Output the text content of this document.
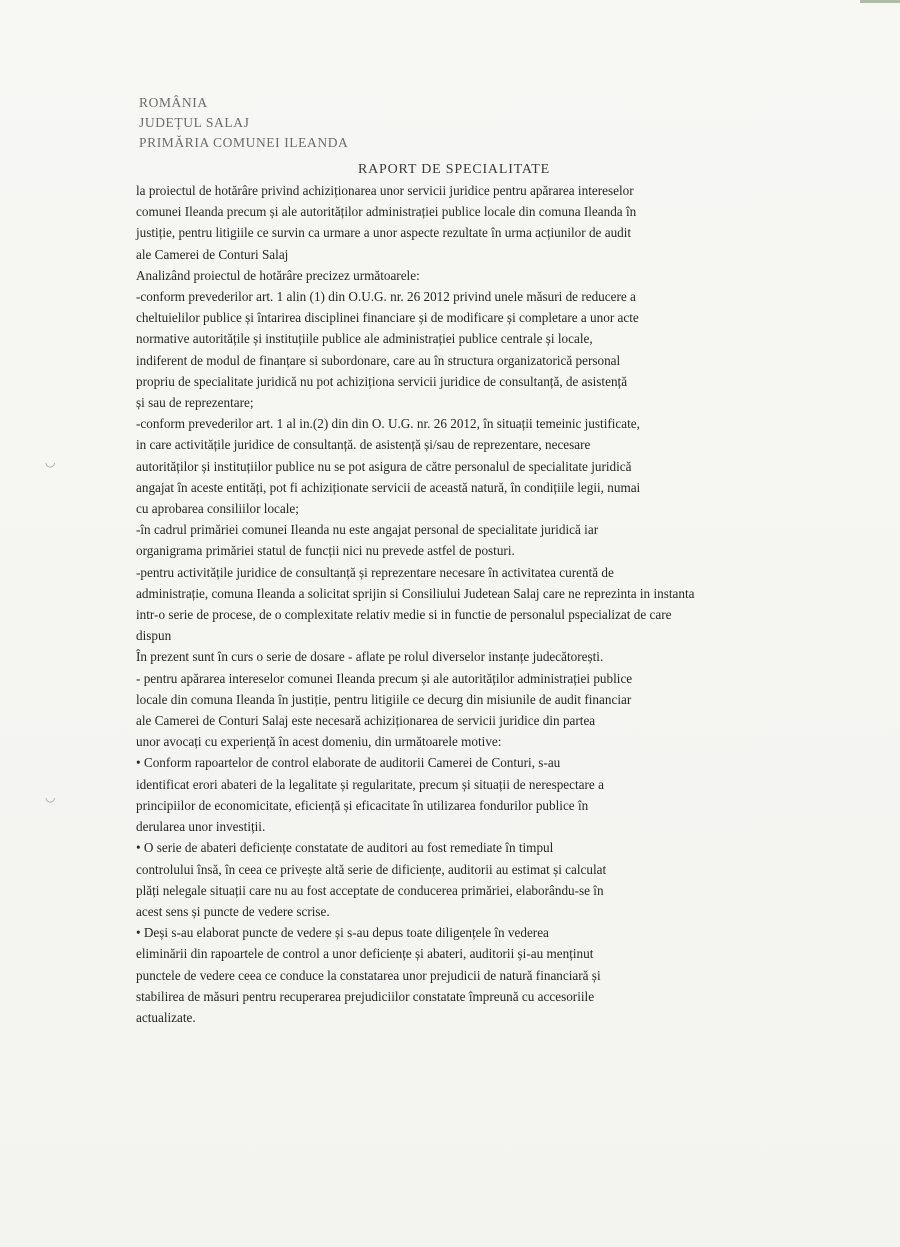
ROMÂNIA
JUDEȚUL SALAJ
PRIMĂRIA COMUNEI ILEANDA
RAPORT DE SPECIALITATE

la proiectul de hotărâre privind achiziționarea unor servicii juridice pentru apărarea intereselor

comunei Ileanda precum și ale autorităților administrației publice locale din comuna Ileanda în

justiție, pentru litigiile ce survin ca urmare a unor aspecte rezultate în urma acțiunilor de audit

ale Camerei de Conturi Salaj

Analizând proiectul de hotărâre precizez următoarele:

-conform prevederilor art. 1 alin (1) din O.U.G. nr. 26 2012 privind unele măsuri de reducere a

cheltuielilor publice și întarirea disciplinei financiare și de modificare și completare a unor acte

normative autoritățile și instituțiile publice ale administrației publice centrale și locale,

indiferent de modul de finanțare si subordonare, care au în structura organizatorică personal

propriu de specialitate juridică nu pot achiziționa servicii juridice de consultanță, de asistență

și sau de reprezentare;

-conform prevederilor art. 1 al in.(2) din din O. U.G. nr. 26 2012, în situații temeinic justificate,

in care activitățile juridice de consultanță. de asistență și/sau de reprezentare, necesare

autorităților și instituțiilor publice nu se pot asigura de către personalul de specialitate juridică

angajat în aceste entități, pot fi achiziționate servicii de această natură, în condițiile legii, numai

cu aprobarea consiliilor locale;

-în cadrul primăriei comunei Ileanda nu este angajat personal de specialitate juridică iar

organigrama primăriei statul de funcții nici nu prevede astfel de posturi.

-pentru activitățile juridice de consultanță și reprezentare necesare în activitatea curentă de

administrație, comuna Ileanda a solicitat sprijin si Consiliului Judetean Salaj care ne reprezinta in instanta

intr-o serie de procese, de o complexitate relativ medie si in functie de personalul pspecializat de care

dispun

În prezent sunt în curs o serie de dosare - aflate pe rolul diverselor instanțe judecătorești.

- pentru apărarea intereselor comunei Ileanda precum și ale autorităților administrației publice

locale din comuna Ileanda în justiție, pentru litigiile ce decurg din misiunile de audit financiar

ale Camerei de Conturi Salaj este necesară achiziționarea de servicii juridice din partea

unor avocați cu experiență în acest domeniu, din următoarele motive:

• Conform rapoartelor de control elaborate de auditorii Camerei de Conturi, s-au

identificat erori abateri de la legalitate și regularitate, precum și situații de nerespectare a

principiilor de economicitate, eficiență și eficacitate în utilizarea fondurilor publice în

derularea unor investiții.

• O serie de abateri deficiențe constatate de auditori au fost remediate în timpul

controlului însă, în ceea ce privește altă serie de dificiențe, auditorii au estimat și calculat

plăți nelegale situații care nu au fost acceptate de conducerea primăriei, elaborându-se în

acest sens și puncte de vedere scrise.

• Deși s-au elaborat puncte de vedere și s-au depus toate diligențele în vederea

eliminării din rapoartele de control a unor deficiențe și abateri, auditorii și-au menținut

punctele de vedere ceea ce conduce la constatarea unor prejudicii de natură financiară și

stabilirea de măsuri pentru recuperarea prejudiciilor constatate împreună cu accesoriile

actualizate.

◡
◡
